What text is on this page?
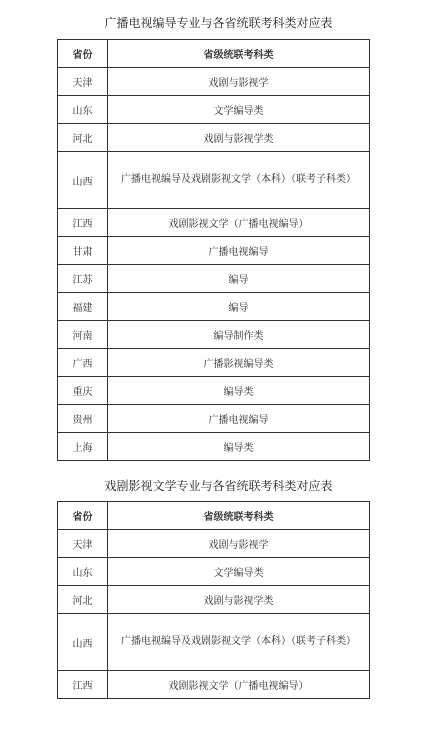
广播电视编导专业与各省统联考科类对应表
省份	省级统联考科类
天津	戏剧与影视学
山东	文学编导类
河北	戏剧与影视学类
山西	广播电视编导及戏剧影视文学（本科）（联考子科类）
江西	戏剧影视文学（广播电视编导）
甘肃	广播电视编导
江苏	编导
福建	编导
河南	编导制作类
广西	广播影视编导类
重庆	编导类
贵州	广播电视编导
上海	编导类
戏剧影视文学专业与各省统联考科类对应表
省份	省级统联考科类
天津	戏剧与影视学
山东	文学编导类
河北	戏剧与影视学类
山西	广播电视编导及戏剧影视文学（本科）（联考子科类）
江西	戏剧影视文学（广播电视编导）
